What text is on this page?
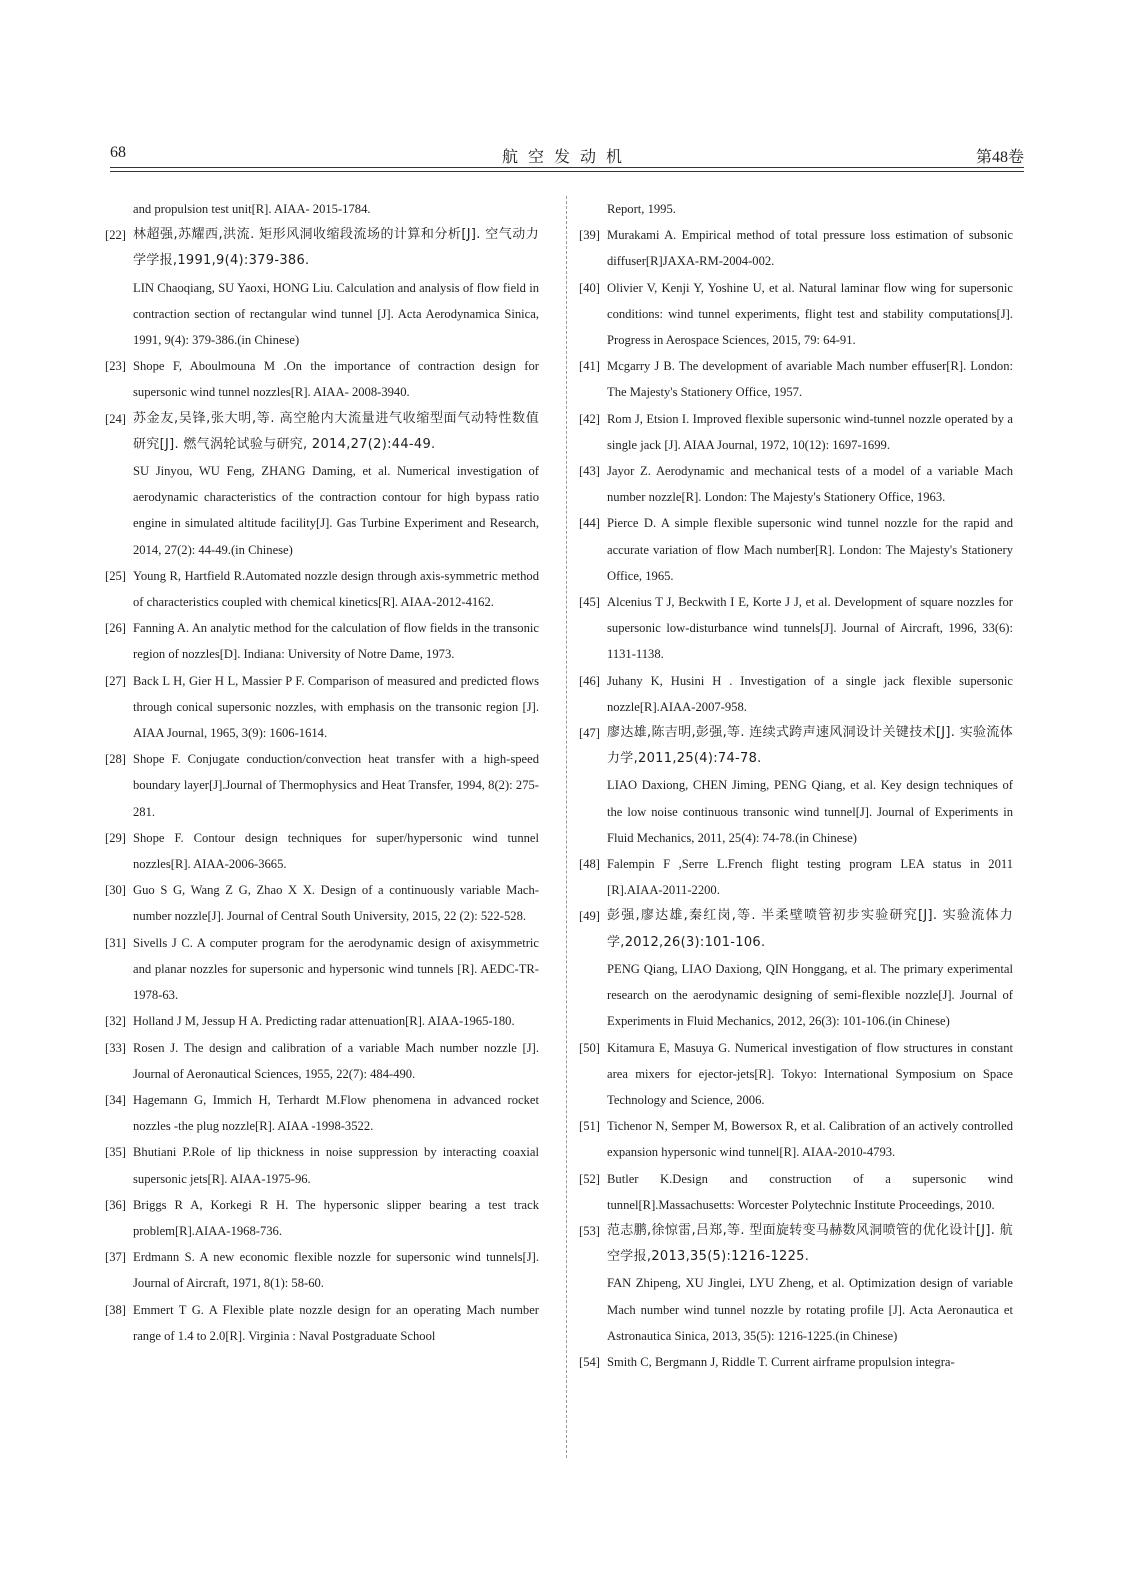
68	航空发动机	第48卷
and propulsion test unit[R]. AIAA- 2015-1784.
[22] 林超强,苏耀西,洪流. 矩形风洞收缩段流场的计算和分析[J]. 空气动力学学报,1991,9(4):379-386.
LIN Chaoqiang, SU Yaoxi, HONG Liu. Calculation and analysis of flow field in contraction section of rectangular wind tunnel [J]. Acta Aerodynamica Sinica, 1991, 9(4): 379-386.(in Chinese)
[23] Shope F, Aboulmouna M .On the importance of contraction design for supersonic wind tunnel nozzles[R]. AIAA- 2008-3940.
[24] 苏金友,吴锋,张大明,等. 高空舱内大流量进气收缩型面气动特性数值研究[J]. 燃气涡轮试验与研究, 2014,27(2):44-49.
SU Jinyou, WU Feng, ZHANG Daming, et al. Numerical investigation of aerodynamic characteristics of the contraction contour for high bypass ratio engine in simulated altitude facility[J]. Gas Turbine Experiment and Research, 2014, 27(2): 44-49.(in Chinese)
[25] Young R, Hartfield R.Automated nozzle design through axis-symmetric method of characteristics coupled with chemical kinetics[R]. AIAA-2012-4162.
[26] Fanning A. An analytic method for the calculation of flow fields in the transonic region of nozzles[D]. Indiana: University of Notre Dame, 1973.
[27] Back L H, Gier H L, Massier P F. Comparison of measured and predicted flows through conical supersonic nozzles, with emphasis on the transonic region [J]. AIAA Journal, 1965, 3(9): 1606-1614.
[28] Shope F. Conjugate conduction/convection heat transfer with a high-speed boundary layer[J].Journal of Thermophysics and Heat Transfer, 1994, 8(2): 275-281.
[29] Shope F. Contour design techniques for super/hypersonic wind tunnel nozzles[R]. AIAA-2006-3665.
[30] Guo S G, Wang Z G, Zhao X X. Design of a continuously variable Mach-number nozzle[J]. Journal of Central South University, 2015, 22 (2): 522-528.
[31] Sivells J C. A computer program for the aerodynamic design of axisymmetric and planar nozzles for supersonic and hypersonic wind tunnels [R]. AEDC-TR-1978-63.
[32] Holland J M, Jessup H A. Predicting radar attenuation[R]. AIAA-1965-180.
[33] Rosen J. The design and calibration of a variable Mach number nozzle [J]. Journal of Aeronautical Sciences, 1955, 22(7): 484-490.
[34] Hagemann G, Immich H, Terhardt M.Flow phenomena in advanced rocket nozzles -the plug nozzle[R]. AIAA -1998-3522.
[35] Bhutiani P.Role of lip thickness in noise suppression by interacting coaxial supersonic jets[R]. AIAA-1975-96.
[36] Briggs R A, Korkegi R H. The hypersonic slipper bearing a test track problem[R].AIAA-1968-736.
[37] Erdmann S. A new economic flexible nozzle for supersonic wind tunnels[J]. Journal of Aircraft, 1971, 8(1): 58-60.
[38] Emmert T G. A Flexible plate nozzle design for an operating Mach number range of 1.4 to 2.0[R]. Virginia : Naval Postgraduate School
Report, 1995.
[39] Murakami A. Empirical method of total pressure loss estimation of subsonic diffuser[R]JAXA-RM-2004-002.
[40] Olivier V, Kenji Y, Yoshine U, et al. Natural laminar flow wing for supersonic conditions: wind tunnel experiments, flight test and stability computations[J]. Progress in Aerospace Sciences, 2015, 79: 64-91.
[41] Mcgarry J B. The development of avariable Mach number effuser[R]. London: The Majesty's Stationery Office, 1957.
[42] Rom J, Etsion I. Improved flexible supersonic wind-tunnel nozzle operated by a single jack [J]. AIAA Journal, 1972, 10(12): 1697-1699.
[43] Jayor Z. Aerodynamic and mechanical tests of a model of a variable Mach number nozzle[R]. London: The Majesty's Stationery Office, 1963.
[44] Pierce D. A simple flexible supersonic wind tunnel nozzle for the rapid and accurate variation of flow Mach number[R]. London: The Majesty's Stationery Office, 1965.
[45] Alcenius T J, Beckwith I E, Korte J J, et al. Development of square nozzles for supersonic low-disturbance wind tunnels[J]. Journal of Aircraft, 1996, 33(6): 1131-1138.
[46] Juhany K, Husini H . Investigation of a single jack flexible supersonic nozzle[R].AIAA-2007-958.
[47] 廖达雄,陈吉明,彭强,等. 连续式跨声速风洞设计关键技术[J]. 实验流体力学,2011,25(4):74-78.
LIAO Daxiong, CHEN Jiming, PENG Qiang, et al. Key design techniques of the low noise continuous transonic wind tunnel[J]. Journal of Experiments in Fluid Mechanics, 2011, 25(4): 74-78.(in Chinese)
[48] Falempin F ,Serre L.French flight testing program LEA status in 2011 [R].AIAA-2011-2200.
[49] 彭强,廖达雄,秦红岗,等. 半柔壁喷管初步实验研究[J]. 实验流体力学,2012,26(3):101-106.
PENG Qiang, LIAO Daxiong, QIN Honggang, et al. The primary experimental research on the aerodynamic designing of semi-flexible nozzle[J]. Journal of Experiments in Fluid Mechanics, 2012, 26(3): 101-106.(in Chinese)
[50] Kitamura E, Masuya G. Numerical investigation of flow structures in constant area mixers for ejector-jets[R]. Tokyo: International Symposium on Space Technology and Science, 2006.
[51] Tichenor N, Semper M, Bowersox R, et al. Calibration of an actively controlled expansion hypersonic wind tunnel[R]. AIAA-2010-4793.
[52] Butler K.Design and construction of a supersonic wind tunnel[R].Massachusetts: Worcester Polytechnic Institute Proceedings, 2010.
[53] 范志鹏,徐惊雷,吕郑,等. 型面旋转变马赫数风洞喷管的优化设计[J]. 航空学报,2013,35(5):1216-1225.
FAN Zhipeng, XU Jinglei, LYU Zheng, et al. Optimization design of variable Mach number wind tunnel nozzle by rotating profile [J]. Acta Aeronautica et Astronautica Sinica, 2013, 35(5): 1216-1225.(in Chinese)
[54] Smith C, Bergmann J, Riddle T. Current airframe propulsion integra-
